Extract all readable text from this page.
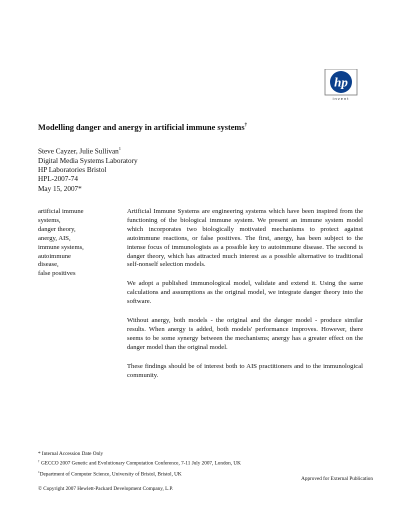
hp
invent
Modelling danger and anergy in artificial immune systems†
Steve Cayzer, Julie Sullivan$^1$
Digital Media Systems Laboratory
HP Laboratories Bristol
HPL-2007-74
May 15, 2007*
artificial immune
systems,
danger theory,
anergy, AIS,
immune systems,
autoimmune
disease,
false positives

Artificial Immune Systems are engineering systems which have been inspired from the functioning of the biological immune system. We present an immune system model which incorporates two biologically motivated mechanisms to protect against autoimmune reactions, or false positives. The first, anergy, has been subject to the intense focus of immunologists as a possible key to autoimmune disease. The second is danger theory, which has attracted much interest as a possible alternative to traditional self-nonself selection models.

We adopt a published immunological model, validate and extend it. Using the same calculations and assumptions as the original model, we integrate danger theory into the software.

Without anergy, both models - the original and the danger model - produce similar results. When anergy is added, both models' performance improves. However, there seems to be some synergy between the mechanisms; anergy has a greater effect on the danger model than the original model.

These findings should be of interest both to AIS practitioners and to the immunological community.

* Internal Accession Date Only
† GECCO 2007 Genetic and Evolutionary Computation Conference, 7-11 July 2007, London, UK
$^1$Department of Computer Science, University of Bristol, Bristol, UK
Approved for External Publication
© Copyright 2007 Hewlett-Packard Development Company, L.P.
